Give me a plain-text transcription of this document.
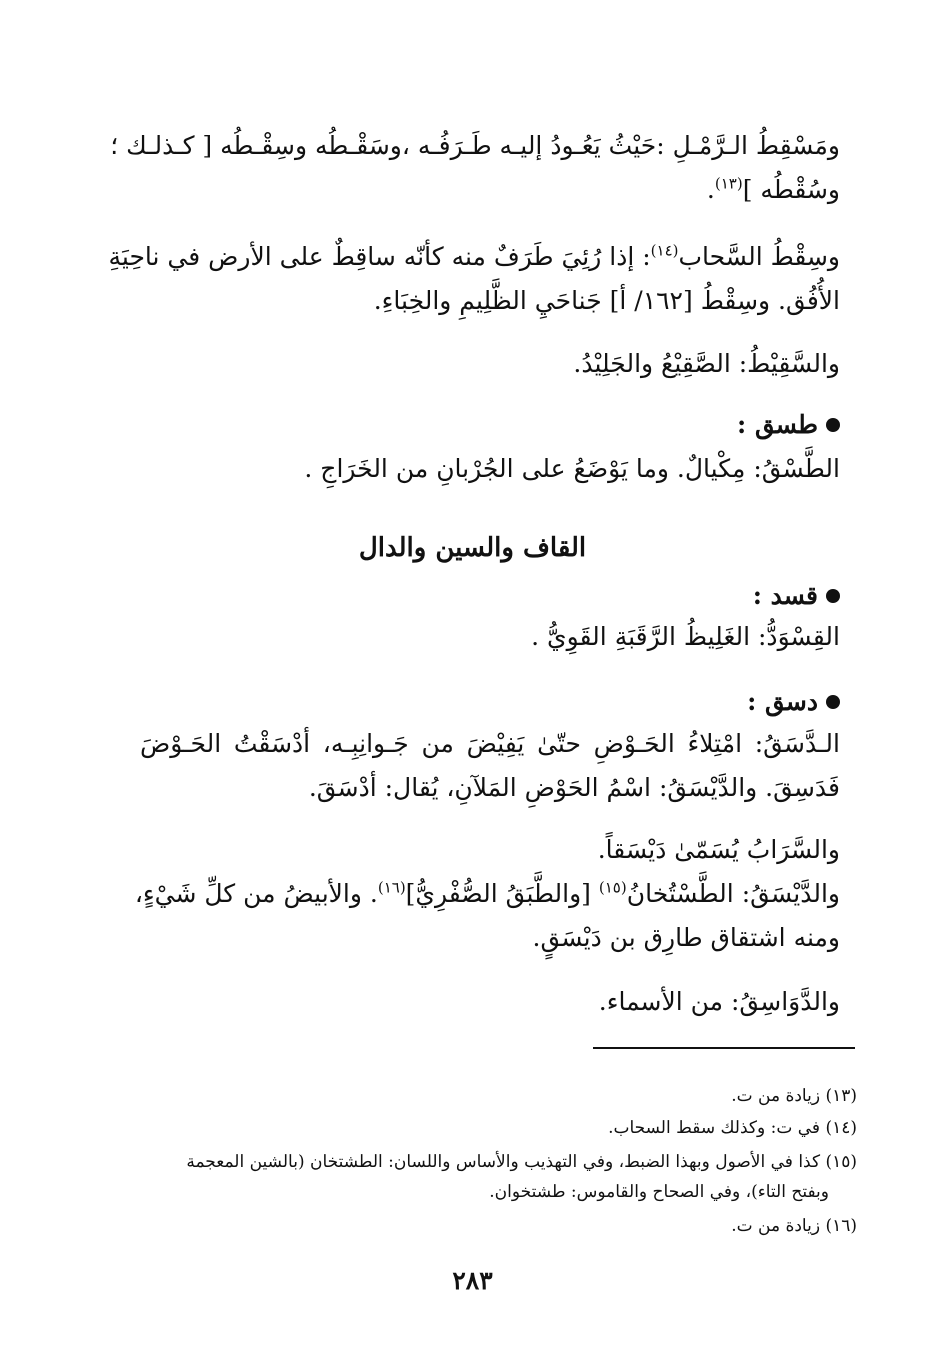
ومَسْقِطُ الـرَّمْـلِ :حَيْثُ يَعُـودُ إليـه طَـرَفُـه ،وسَقْـطُه وسِقْـطُه [ كـذلـك ؛
وسُقْطُه ]$^{(١٣)}$.

وسِقْطُ السَّحاب$^{(١٤)}$: إذا رُئِيَ طَرَفٌ منه كأنّه ساقِطٌ على الأرض في ناحِيَةِ
الأُفُق. وسِقْطُ [١٦٢/ أ] جَناحَيِ الظَّلِيمِ والخِبَاءِ.

والسَّقِيْطُ: الصَّقِيْعُ والجَلِيْدُ.

طسق :

الطَّسْقُ: مِكْيالٌ. وما يَوْضَعُ على الجُرْبانِ من الخَرَاجِ .

القاف والسين والدال
قسد :

القِسْوَدُّ: الغَلِيظُ الرَّقَبَةِ القَوِيُّ .

دسق :

الـدَّسَقُ: امْتِلاءُ الحَـوْضِ حتّىٰ يَفِيْضَ من جَـوانِبِـه، أدْسَقْتُ الحَـوْضَ
فَدَسِقَ. والدَّيْسَقُ: اسْمُ الحَوْضِ المَلآنِ، يُقال: أدْسَقَ.

والسَّرَابُ يُسَمّىٰ دَيْسَقاً.

والدَّيْسَقُ: الطَّسْتُخانُ$^{(١٥)}$ [والطَّبَقُ الصُّفْرِيُّ]$^{(١٦)}$. والأبيضُ من كلِّ شَيْءٍ،
ومنه اشتقاق طارِق بن دَيْسَقٍ.

والدَّوَاسِقُ: من الأسماء.

(١٣) زيادة من ت.
(١٤) في ت: وكذلك سقط السحاب.
(١٥) كذا في الأصول وبهذا الضبط، وفي التهذيب والأساس واللسان: الطشتخان (بالشين المعجمة
وبفتح التاء)، وفي الصحاح والقاموس: طشتخوان.
(١٦) زيادة من ت.
٢٨٣
